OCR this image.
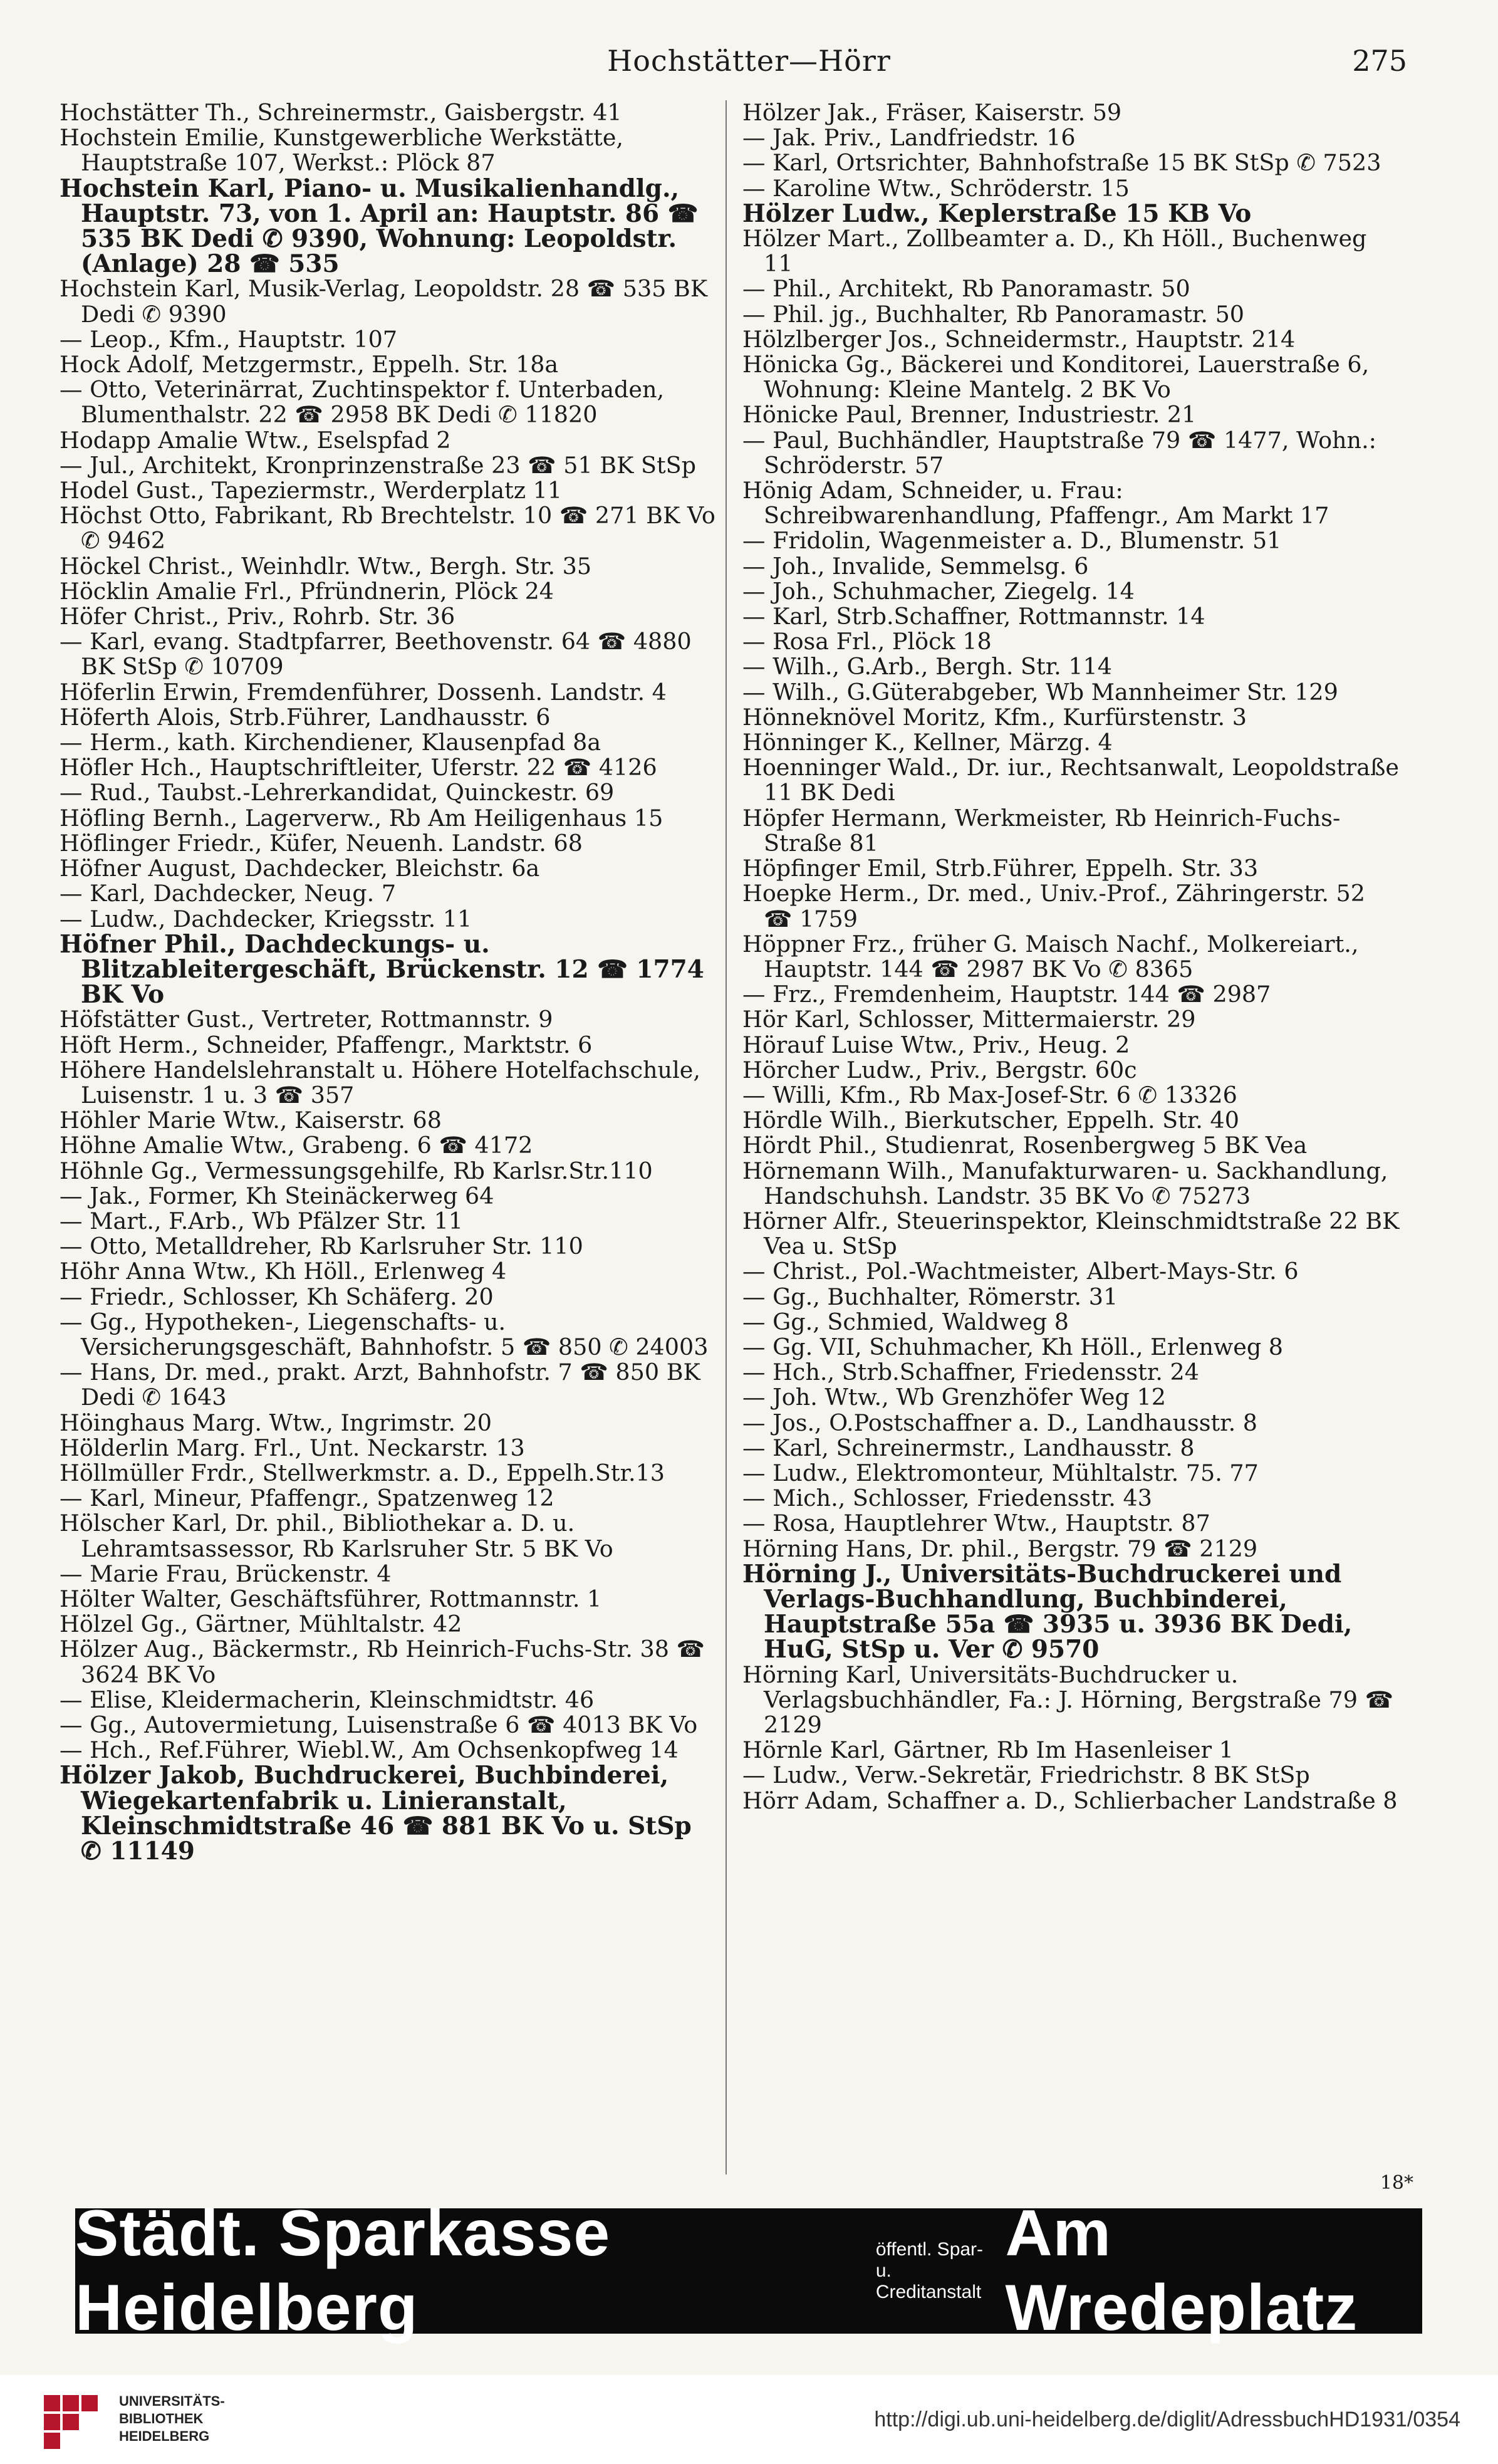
Hochstätter—Hörr	275

Hochstätter Th., Schreinermstr., Gaisbergstr. 41

Hochstein Emilie, Kunstgewerbliche Werkstätte, Hauptstraße 107, Werkst.: Plöck 87

Hochstein Karl, Piano- u. Musikalienhandlg., Hauptstr. 73, von 1. April an: Hauptstr. 86 ☎ 535 BK Dedi ✆ 9390, Wohnung: Leopoldstr. (Anlage) 28 ☎ 535

Hochstein Karl, Musik-Verlag, Leopoldstr. 28 ☎ 535 BK Dedi ✆ 9390

— Leop., Kfm., Hauptstr. 107

Hock Adolf, Metzgermstr., Eppelh. Str. 18a

— Otto, Veterinärrat, Zuchtinspektor f. Unterbaden, Blumenthalstr. 22 ☎ 2958 BK Dedi ✆ 11820

Hodapp Amalie Wtw., Eselspfad 2

— Jul., Architekt, Kronprinzenstraße 23 ☎ 51 BK StSp

Hodel Gust., Tapeziermstr., Werderplatz 11

Höchst Otto, Fabrikant, Rb Brechtelstr. 10 ☎ 271 BK Vo ✆ 9462

Höckel Christ., Weinhdlr. Wtw., Bergh. Str. 35

Höcklin Amalie Frl., Pfründnerin, Plöck 24

Höfer Christ., Priv., Rohrb. Str. 36

— Karl, evang. Stadtpfarrer, Beethovenstr. 64 ☎ 4880 BK StSp ✆ 10709

Höferlin Erwin, Fremdenführer, Dossenh. Landstr. 4

Höferth Alois, Strb.Führer, Landhausstr. 6

— Herm., kath. Kirchendiener, Klausenpfad 8a

Höfler Hch., Hauptschriftleiter, Uferstr. 22 ☎ 4126

— Rud., Taubst.-Lehrerkandidat, Quinckestr. 69

Höfling Bernh., Lagerverw., Rb Am Heiligenhaus 15

Höflinger Friedr., Küfer, Neuenh. Landstr. 68

Höfner August, Dachdecker, Bleichstr. 6a

— Karl, Dachdecker, Neug. 7

— Ludw., Dachdecker, Kriegsstr. 11

Höfner Phil., Dachdeckungs- u. Blitzableitergeschäft, Brückenstr. 12 ☎ 1774 BK Vo

Höfstätter Gust., Vertreter, Rottmannstr. 9

Höft Herm., Schneider, Pfaffengr., Marktstr. 6

Höhere Handelslehranstalt u. Höhere Hotelfachschule, Luisenstr. 1 u. 3 ☎ 357

Höhler Marie Wtw., Kaiserstr. 68

Höhne Amalie Wtw., Grabeng. 6 ☎ 4172

Höhnle Gg., Vermessungsgehilfe, Rb Karlsr.Str.110

— Jak., Former, Kh Steinäckerweg 64

— Mart., F.Arb., Wb Pfälzer Str. 11

— Otto, Metalldreher, Rb Karlsruher Str. 110

Höhr Anna Wtw., Kh Höll., Erlenweg 4

— Friedr., Schlosser, Kh Schäferg. 20

— Gg., Hypotheken-, Liegenschafts- u. Versicherungsgeschäft, Bahnhofstr. 5 ☎ 850 ✆ 24003

— Hans, Dr. med., prakt. Arzt, Bahnhofstr. 7 ☎ 850 BK Dedi ✆ 1643

Höinghaus Marg. Wtw., Ingrimstr. 20

Hölderlin Marg. Frl., Unt. Neckarstr. 13

Höllmüller Frdr., Stellwerkmstr. a. D., Eppelh.Str.13

— Karl, Mineur, Pfaffengr., Spatzenweg 12

Hölscher Karl, Dr. phil., Bibliothekar a. D. u. Lehramtsassessor, Rb Karlsruher Str. 5 BK Vo

— Marie Frau, Brückenstr. 4

Hölter Walter, Geschäftsführer, Rottmannstr. 1

Hölzel Gg., Gärtner, Mühltalstr. 42

Hölzer Aug., Bäckermstr., Rb Heinrich-Fuchs-Str. 38 ☎ 3624 BK Vo

— Elise, Kleidermacherin, Kleinschmidtstr. 46

— Gg., Autovermietung, Luisenstraße 6 ☎ 4013 BK Vo

— Hch., Ref.Führer, Wiebl.W., Am Ochsenkopfweg 14

Hölzer Jakob, Buchdruckerei, Buchbinderei, Wiegekartenfabrik u. Linieranstalt, Kleinschmidtstraße 46 ☎ 881 BK Vo u. StSp ✆ 11149

Hölzer Jak., Fräser, Kaiserstr. 59

— Jak. Priv., Landfriedstr. 16

— Karl, Ortsrichter, Bahnhofstraße 15 BK StSp ✆ 7523

— Karoline Wtw., Schröderstr. 15

Hölzer Ludw., Keplerstraße 15 KB Vo

Hölzer Mart., Zollbeamter a. D., Kh Höll., Buchenweg 11

— Phil., Architekt, Rb Panoramastr. 50

— Phil. jg., Buchhalter, Rb Panoramastr. 50

Hölzlberger Jos., Schneidermstr., Hauptstr. 214

Hönicka Gg., Bäckerei und Konditorei, Lauerstraße 6, Wohnung: Kleine Mantelg. 2 BK Vo

Hönicke Paul, Brenner, Industriestr. 21

— Paul, Buchhändler, Hauptstraße 79 ☎ 1477, Wohn.: Schröderstr. 57

Hönig Adam, Schneider, u. Frau: Schreibwarenhandlung, Pfaffengr., Am Markt 17

— Fridolin, Wagenmeister a. D., Blumenstr. 51

— Joh., Invalide, Semmelsg. 6

— Joh., Schuhmacher, Ziegelg. 14

— Karl, Strb.Schaffner, Rottmannstr. 14

— Rosa Frl., Plöck 18

— Wilh., G.Arb., Bergh. Str. 114

— Wilh., G.Güterabgeber, Wb Mannheimer Str. 129

Hönneknövel Moritz, Kfm., Kurfürstenstr. 3

Hönninger K., Kellner, Märzg. 4

Hoenninger Wald., Dr. iur., Rechtsanwalt, Leopoldstraße 11 BK Dedi

Höpfer Hermann, Werkmeister, Rb Heinrich-Fuchs-Straße 81

Höpfinger Emil, Strb.Führer, Eppelh. Str. 33

Hoepke Herm., Dr. med., Univ.-Prof., Zähringerstr. 52 ☎ 1759

Höppner Frz., früher G. Maisch Nachf., Molkereiart., Hauptstr. 144 ☎ 2987 BK Vo ✆ 8365

— Frz., Fremdenheim, Hauptstr. 144 ☎ 2987

Hör Karl, Schlosser, Mittermaierstr. 29

Hörauf Luise Wtw., Priv., Heug. 2

Hörcher Ludw., Priv., Bergstr. 60c

— Willi, Kfm., Rb Max-Josef-Str. 6 ✆ 13326

Hördle Wilh., Bierkutscher, Eppelh. Str. 40

Hördt Phil., Studienrat, Rosenbergweg 5 BK Vea

Hörnemann Wilh., Manufakturwaren- u. Sackhandlung, Handschuhsh. Landstr. 35 BK Vo ✆ 75273

Hörner Alfr., Steuerinspektor, Kleinschmidtstraße 22 BK Vea u. StSp

— Christ., Pol.-Wachtmeister, Albert-Mays-Str. 6

— Gg., Buchhalter, Römerstr. 31

— Gg., Schmied, Waldweg 8

— Gg. VII, Schuhmacher, Kh Höll., Erlenweg 8

— Hch., Strb.Schaffner, Friedensstr. 24

— Joh. Wtw., Wb Grenzhöfer Weg 12

— Jos., O.Postschaffner a. D., Landhausstr. 8

— Karl, Schreinermstr., Landhausstr. 8

— Ludw., Elektromonteur, Mühltalstr. 75. 77

— Mich., Schlosser, Friedensstr. 43

— Rosa, Hauptlehrer Wtw., Hauptstr. 87

Hörning Hans, Dr. phil., Bergstr. 79 ☎ 2129

Hörning J., Universitäts-Buchdruckerei und Verlags-Buchhandlung, Buchbinderei, Hauptstraße 55a ☎ 3935 u. 3936 BK Dedi, HuG, StSp u. Ver ✆ 9570

Hörning Karl, Universitäts-Buchdrucker u. Verlagsbuchhändler, Fa.: J. Hörning, Bergstraße 79 ☎ 2129

Hörnle Karl, Gärtner, Rb Im Hasenleiser 1

— Ludw., Verw.-Sekretär, Friedrichstr. 8 BK StSp

Hörr Adam, Schaffner a. D., Schlierbacher Landstraße 8

18*
Städt. Sparkasse Heidelberg
öffentl. Spar- u.
Creditanstalt
Am Wredeplatz
UNIVERSITÄTS-
BIBLIOTHEK
HEIDELBERG
http://digi.ub.uni-heidelberg.de/diglit/AdressbuchHD1931/0354
